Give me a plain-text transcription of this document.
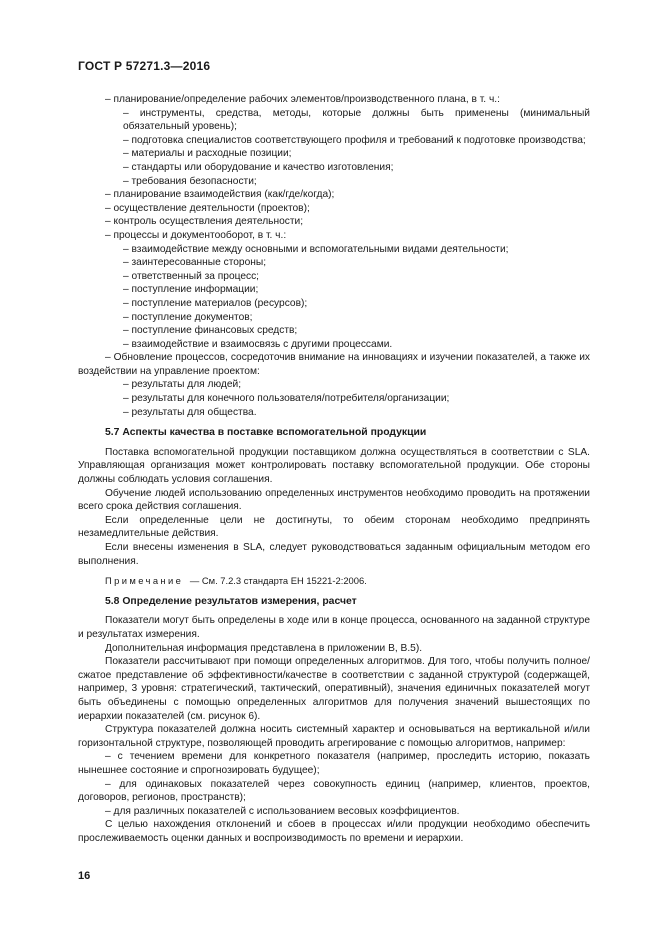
ГОСТ Р 57271.3—2016

– планирование/определение рабочих элементов/производственного плана, в т. ч.:

– инструменты, средства, методы, которые должны быть применены (минимальный обязательный уровень);

– подготовка специалистов соответствующего профиля и требований к подготовке производства;

– материалы и расходные позиции;

– стандарты или оборудование и качество изготовления;

– требования безопасности;

– планирование взаимодействия (как/где/когда);

– осуществление деятельности (проектов);

– контроль осуществления деятельности;

– процессы и документооборот, в т. ч.:

– взаимодействие между основными и вспомогательными видами деятельности;

– заинтересованные стороны;

– ответственный за процесс;

– поступление информации;

– поступление материалов (ресурсов);

– поступление документов;

– поступление финансовых средств;

– взаимодействие и взаимосвязь с другими процессами.

– Обновление процессов, сосредоточив внимание на инновациях и изучении показателей, а также их воздействии на управление проектом:

– результаты для людей;

– результаты для конечного пользователя/потребителя/организации;

– результаты для общества.

5.7 Аспекты качества в поставке вспомогательной продукции

Поставка вспомогательной продукции поставщиком должна осуществляться в соответствии с SLA. Управляющая организация может контролировать поставку вспомогательной продукции. Обе стороны должны соблюдать условия соглашения.

Обучение людей использованию определенных инструментов необходимо проводить на протяжении всего срока действия соглашения.

Если определенные цели не достигнуты, то обеим сторонам необходимо предпринять незамедлительные действия.

Если внесены изменения в SLA, следует руководствоваться заданным официальным методом его выполнения.

Примечание — См. 7.2.3 стандарта ЕН 15221-2:2006.
5.8 Определение результатов измерения, расчет

Показатели могут быть определены в ходе или в конце процесса, основанного на заданной структуре и результатах измерения.

Дополнительная информация представлена в приложении В, В.5).

Показатели рассчитывают при помощи определенных алгоритмов. Для того, чтобы получить полное/сжатое представление об эффективности/качестве в соответствии с заданной структурой (содержащей, например, 3 уровня: стратегический, тактический, оперативный), значения единичных показателей могут быть объединены с помощью определенных алгоритмов для получения значений вышестоящих по иерархии показателей (см. рисунок 6).

Структура показателей должна носить системный характер и основываться на вертикальной и/или горизонтальной структуре, позволяющей проводить агрегирование с помощью алгоритмов, например:

– с течением времени для конкретного показателя (например, проследить историю, показать нынешнее состояние и спрогнозировать будущее);

– для одинаковых показателей через совокупность единиц (например, клиентов, проектов, договоров, регионов, пространств);

– для различных показателей с использованием весовых коэффициентов.

С целью нахождения отклонений и сбоев в процессах и/или продукции необходимо обеспечить прослеживаемость оценки данных и воспроизводимость по времени и иерархии.

16
